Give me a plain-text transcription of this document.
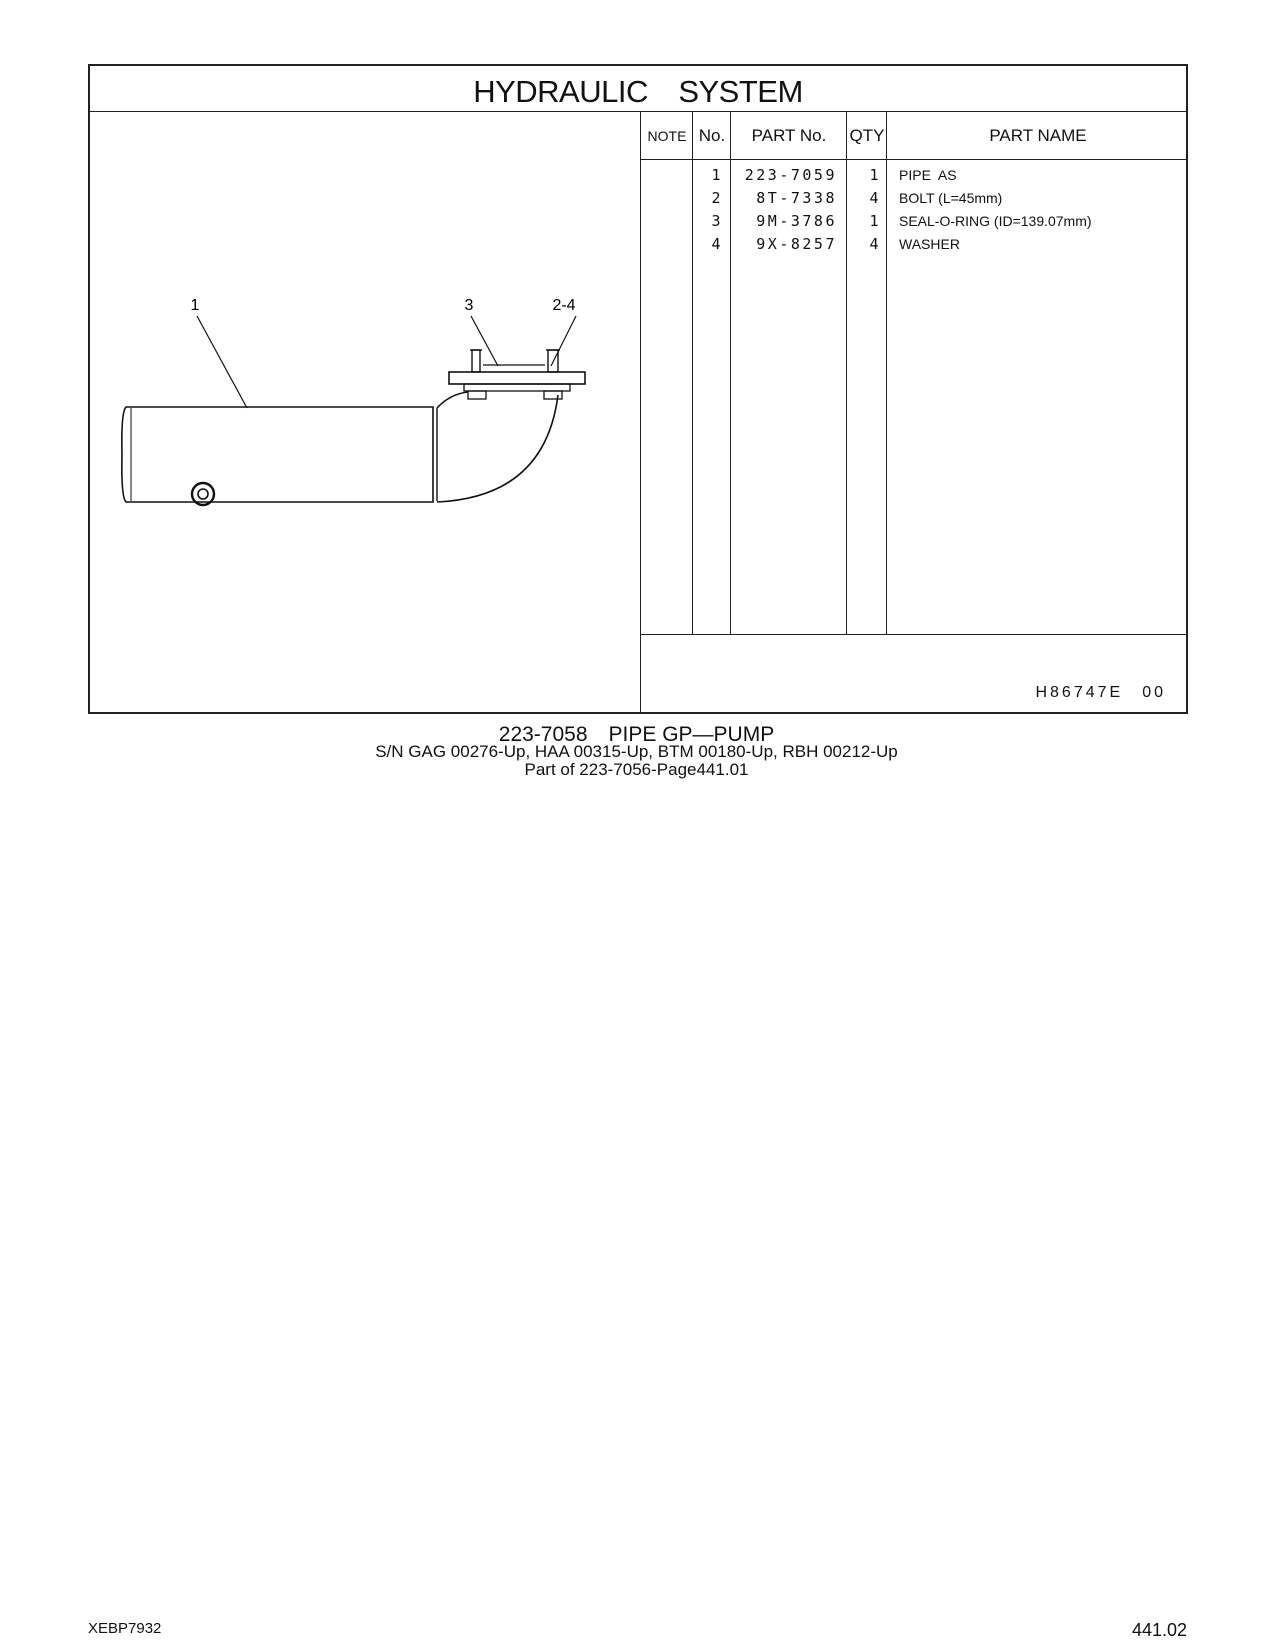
HYDRAULIC　SYSTEM
1	3	2-4
NOTE No.	PART No.	QTY	PART NAME
1	223-7059	1 PIPE  AS
2	8T-7338	4 BOLT (L=45mm)
3	9M-3786	1 SEAL-O-RING (ID=139.07mm)
4	9X-8257	4 WASHER
H86747E　00
223-7058　PIPE GP—PUMP
S/N GAG 00276-Up, HAA 00315-Up, BTM 00180-Up, RBH 00212-Up
Part of 223-7056-Page441.01
XEBP7932	441.02
